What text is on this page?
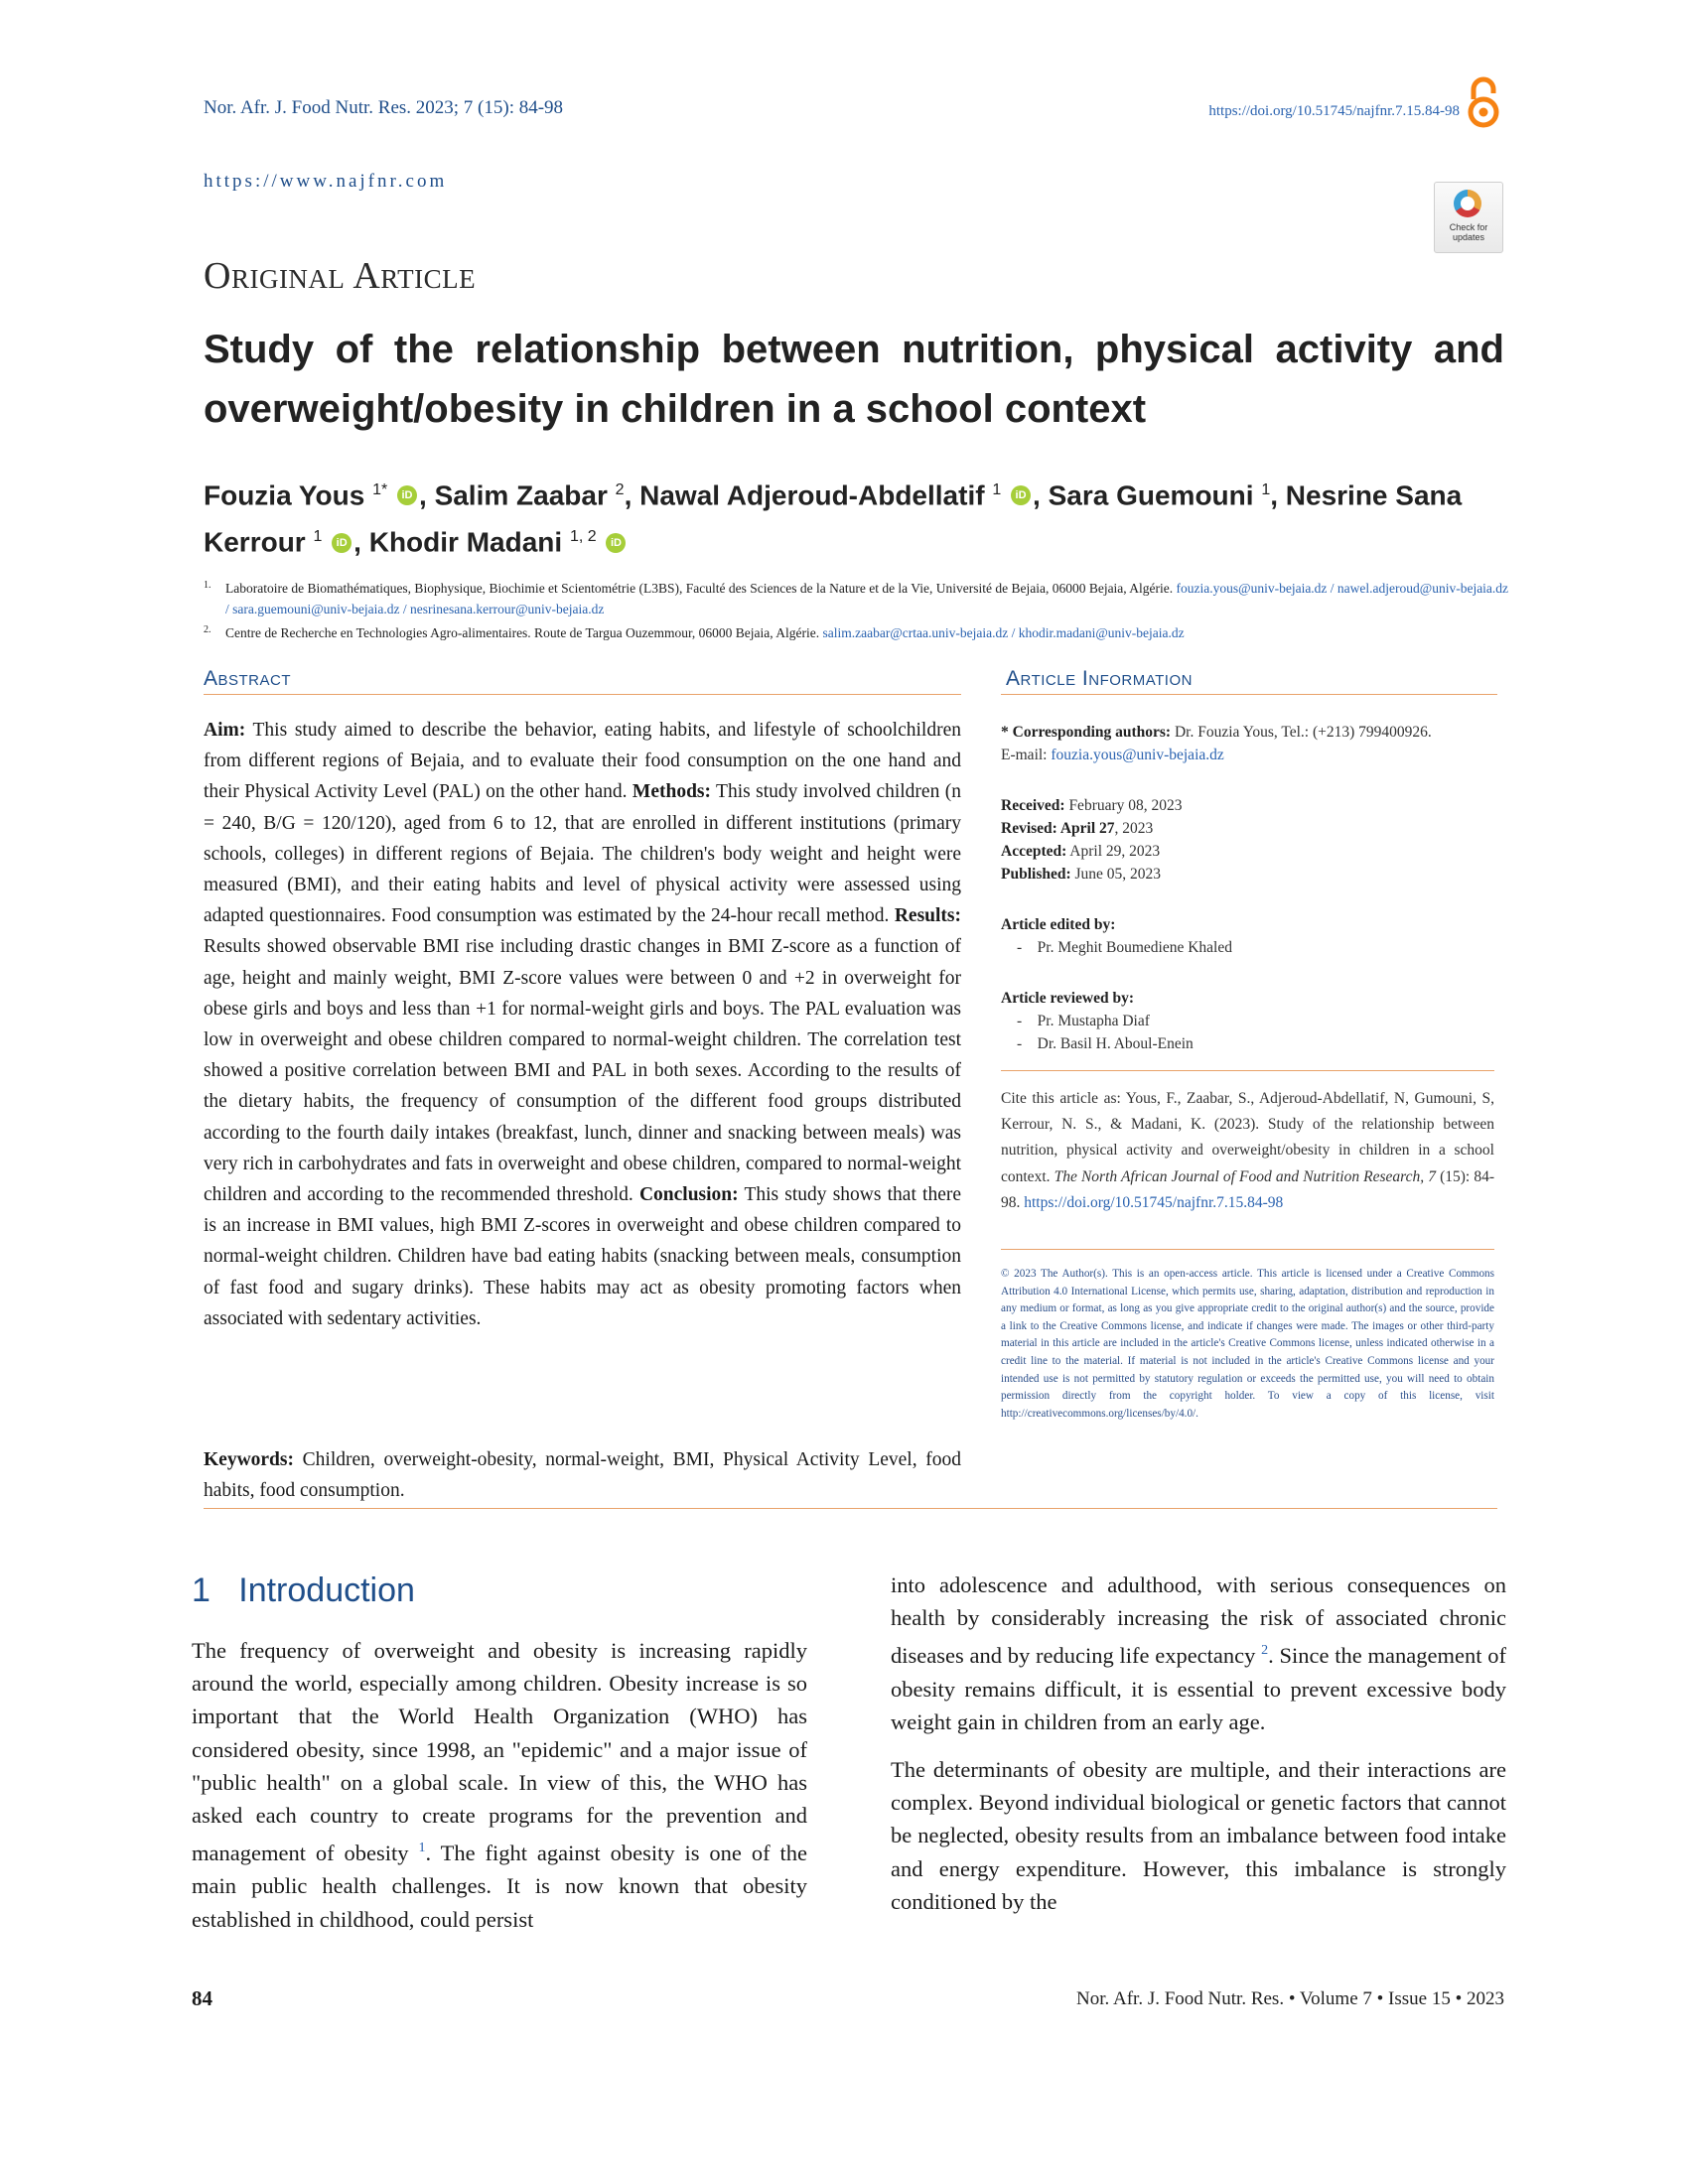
Nor. Afr. J. Food Nutr. Res. 2023; 7 (15): 84-98	https://doi.org/10.51745/najfnr.7.15.84-98
https://www.najfnr.com
Check for updates
Original Article
Study of the relationship between nutrition, physical activity and overweight/obesity in children in a school context
Fouzia Yous $^{1*}$ iD , Salim Zaabar $^2$, Nawal Adjeroud-Abdellatif $^1$ iD , Sara Guemouni $^1$, Nesrine Sana Kerrour $^1$ iD , Khodir Madani $^{1, 2}$ iD
1. Laboratoire de Biomathématiques, Biophysique, Biochimie et Scientométrie (L3BS), Faculté des Sciences de la Nature et de la Vie, Université de Bejaia, 06000 Bejaia, Algérie. fouzia.yous@univ-bejaia.dz / nawel.adjeroud@univ-bejaia.dz / sara.guemouni@univ-bejaia.dz / nesrinesana.kerrour@univ-bejaia.dz
2. Centre de Recherche en Technologies Agro-alimentaires. Route de Targua Ouzemmour, 06000 Bejaia, Algérie. salim.zaabar@crtaa.univ-bejaia.dz / khodir.madani@univ-bejaia.dz
Abstract	Article Information
Aim: This study aimed to describe the behavior, eating habits, and lifestyle of schoolchildren from different regions of Bejaia, and to evaluate their food consumption on the one hand and their Physical Activity Level (PAL) on the other hand. Methods: This study involved children (n = 240, B/G = 120/120), aged from 6 to 12, that are enrolled in different institutions (primary schools, colleges) in different regions of Bejaia. The children's body weight and height were measured (BMI), and their eating habits and level of physical activity were assessed using adapted questionnaires. Food consumption was estimated by the 24-hour recall method. Results: Results showed observable BMI rise including drastic changes in BMI Z-score as a function of age, height and mainly weight, BMI Z-score values were between 0 and +2 in overweight for obese girls and boys and less than +1 for normal-weight girls and boys. The PAL evaluation was low in overweight and obese children compared to normal-weight children. The correlation test showed a positive correlation between BMI and PAL in both sexes. According to the results of the dietary habits, the frequency of consumption of the different food groups distributed according to the fourth daily intakes (breakfast, lunch, dinner and snacking between meals) was very rich in carbohydrates and fats in overweight and obese children, compared to normal-weight children and according to the recommended threshold. Conclusion: This study shows that there is an increase in BMI values, high BMI Z-scores in overweight and obese children compared to normal-weight children. Children have bad eating habits (snacking between meals, consumption of fast food and sugary drinks). These habits may act as obesity promoting factors when associated with sedentary activities.
Keywords: Children, overweight-obesity, normal-weight, BMI, Physical Activity Level, food habits, food consumption.
* Corresponding authors: Dr. Fouzia Yous, Tel.: (+213) 799400926.
E-mail: fouzia.yous@univ-bejaia.dz
Received: February 08, 2023
Revised: April 27, 2023
Accepted: April 29, 2023
Published: June 05, 2023
Article edited by:
-    Pr. Meghit Boumediene Khaled
Article reviewed by:
-    Pr. Mustapha Diaf
-    Dr. Basil H. Aboul-Enein
Cite this article as: Yous, F., Zaabar, S., Adjeroud-Abdellatif, N, Gumouni, S, Kerrour, N. S., & Madani, K. (2023). Study of the relationship between nutrition, physical activity and overweight/obesity in children in a school context. The North African Journal of Food and Nutrition Research, 7 (15): 84-98. https://doi.org/10.51745/najfnr.7.15.84-98
© 2023 The Author(s). This is an open-access article. This article is licensed under a Creative Commons Attribution 4.0 International License, which permits use, sharing, adaptation, distribution and reproduction in any medium or format, as long as you give appropriate credit to the original author(s) and the source, provide a link to the Creative Commons license, and indicate if changes were made. The images or other third-party material in this article are included in the article's Creative Commons license, unless indicated otherwise in a credit line to the material. If material is not included in the article's Creative Commons license and your intended use is not permitted by statutory regulation or exceeds the permitted use, you will need to obtain permission directly from the copyright holder. To view a copy of this license, visit http://creativecommons.org/licenses/by/4.0/.
1   Introduction
The frequency of overweight and obesity is increasing rapidly around the world, especially among children. Obesity increase is so important that the World Health Organization (WHO) has considered obesity, since 1998, an "epidemic" and a major issue of "public health" on a global scale. In view of this, the WHO has asked each country to create programs for the prevention and management of obesity $^1$. The fight against obesity is one of the main public health challenges. It is now known that obesity established in childhood, could persist

into adolescence and adulthood, with serious consequences on health by considerably increasing the risk of associated chronic diseases and by reducing life expectancy $^2$. Since the management of obesity remains difficult, it is essential to prevent excessive body weight gain in children from an early age.

The determinants of obesity are multiple, and their interactions are complex. Beyond individual biological or genetic factors that cannot be neglected, obesity results from an imbalance between food intake and energy expenditure. However, this imbalance is strongly conditioned by the

84	Nor. Afr. J. Food Nutr. Res. • Volume 7 • Issue 15 • 2023
